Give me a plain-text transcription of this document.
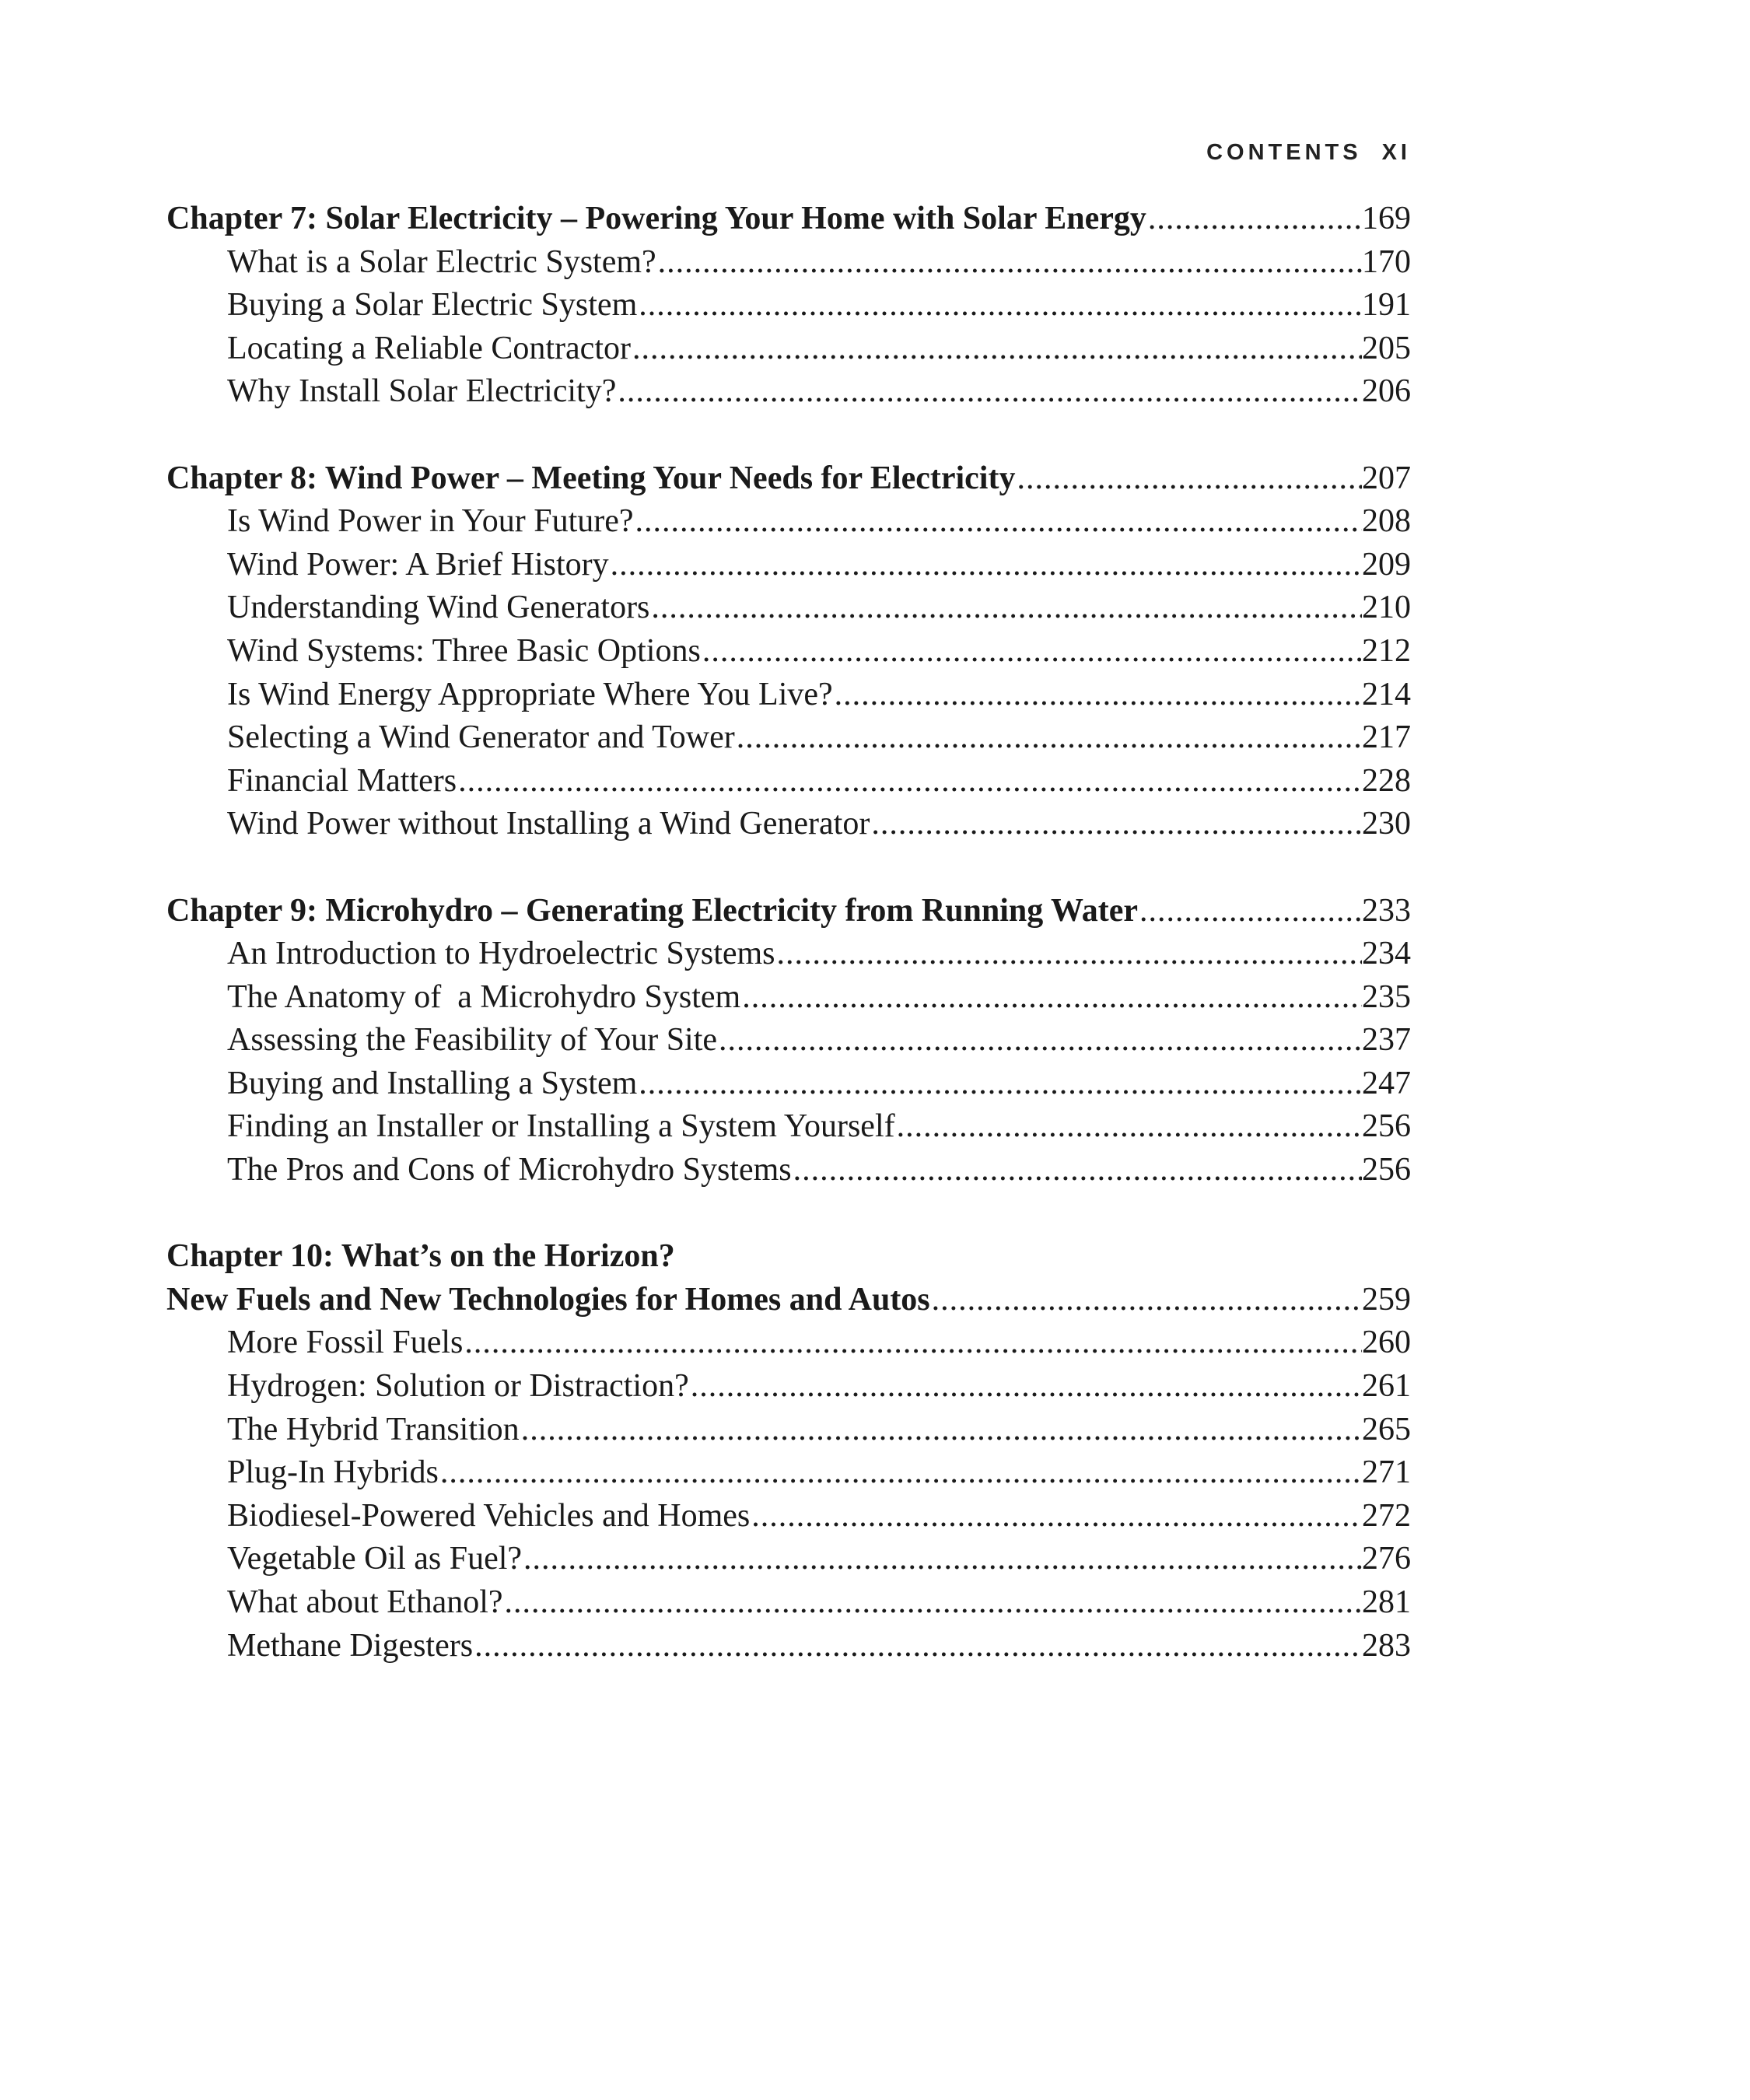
CONTENTS XI
Chapter 7: Solar Electricity – Powering Your Home with Solar Energy .....	169
What is a Solar Electric System? .....	170
Buying a Solar Electric System .....	191
Locating a Reliable Contractor .....	205
Why Install Solar Electricity? .....	206
Chapter 8: Wind Power – Meeting Your Needs for Electricity .....	207
Is Wind Power in Your Future? .....	208
Wind Power: A Brief History .....	209
Understanding Wind Generators .....	210
Wind Systems: Three Basic Options .....	212
Is Wind Energy Appropriate Where You Live? .....	214
Selecting a Wind Generator and Tower .....	217
Financial Matters .....	228
Wind Power without Installing a Wind Generator .....	230
Chapter 9: Microhydro – Generating Electricity from Running Water .....	233
An Introduction to Hydroelectric Systems .....	234
The Anatomy of  a Microhydro System .....	235
Assessing the Feasibility of Your Site .....	237
Buying and Installing a System .....	247
Finding an Installer or Installing a System Yourself .....	256
The Pros and Cons of Microhydro Systems .....	256
Chapter 10: What’s on the Horizon?
New Fuels and New Technologies for Homes and Autos .....	259
More Fossil Fuels .....	260
Hydrogen: Solution or Distraction? .....	261
The Hybrid Transition .....	265
Plug-In Hybrids .....	271
Biodiesel-Powered Vehicles and Homes .....	272
Vegetable Oil as Fuel? .....	276
What about Ethanol? .....	281
Methane Digesters .....	283
